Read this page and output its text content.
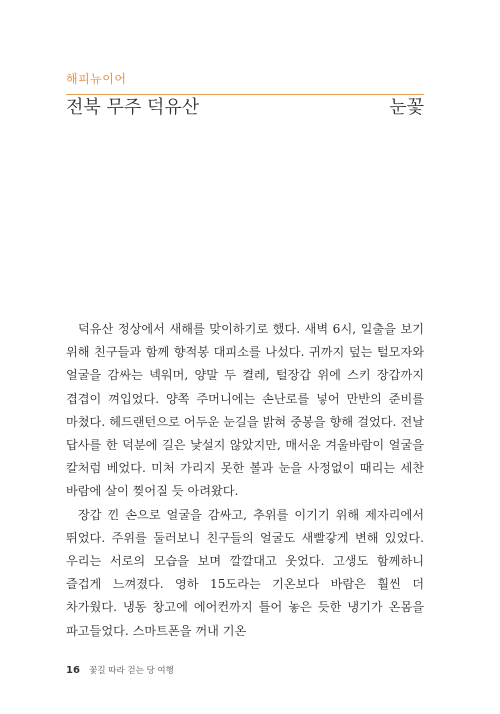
해피뉴이어
전북 무주 덕유산	눈꽃

덕유산 정상에서 새해를 맞이하기로 했다. 새벽 6시, 일출을 보기 위해 친구들과 함께 향적봉 대피소를 나섰다. 귀까지 덮는 털모자와 얼굴을 감싸는 넥워머, 양말 두 켤레, 털장갑 위에 스키 장갑까지 겹겹이 껴입었다. 양쪽 주머니에는 손난로를 넣어 만반의 준비를 마쳤다. 헤드랜턴으로 어두운 눈길을 밝혀 중봉을 향해 걸었다. 전날 답사를 한 덕분에 길은 낯설지 않았지만, 매서운 겨울바람이 얼굴을 칼처럼 베었다. 미처 가리지 못한 볼과 눈을 사정없이 때리는 세찬 바람에 살이 찢어질 듯 아려왔다.

장갑 낀 손으로 얼굴을 감싸고, 추위를 이기기 위해 제자리에서 뛰었다. 주위를 둘러보니 친구들의 얼굴도 새빨갛게 변해 있었다. 우리는 서로의 모습을 보며 깔깔대고 웃었다. 고생도 함께하니 즐겁게 느껴졌다. 영하 15도라는 기온보다 바람은 훨씬 더 차가웠다. 냉동 창고에 에어컨까지 틀어 놓은 듯한 냉기가 온몸을 파고들었다. 스마트폰을 꺼내 기온

16 꽃길 따라 걷는 당 여행
